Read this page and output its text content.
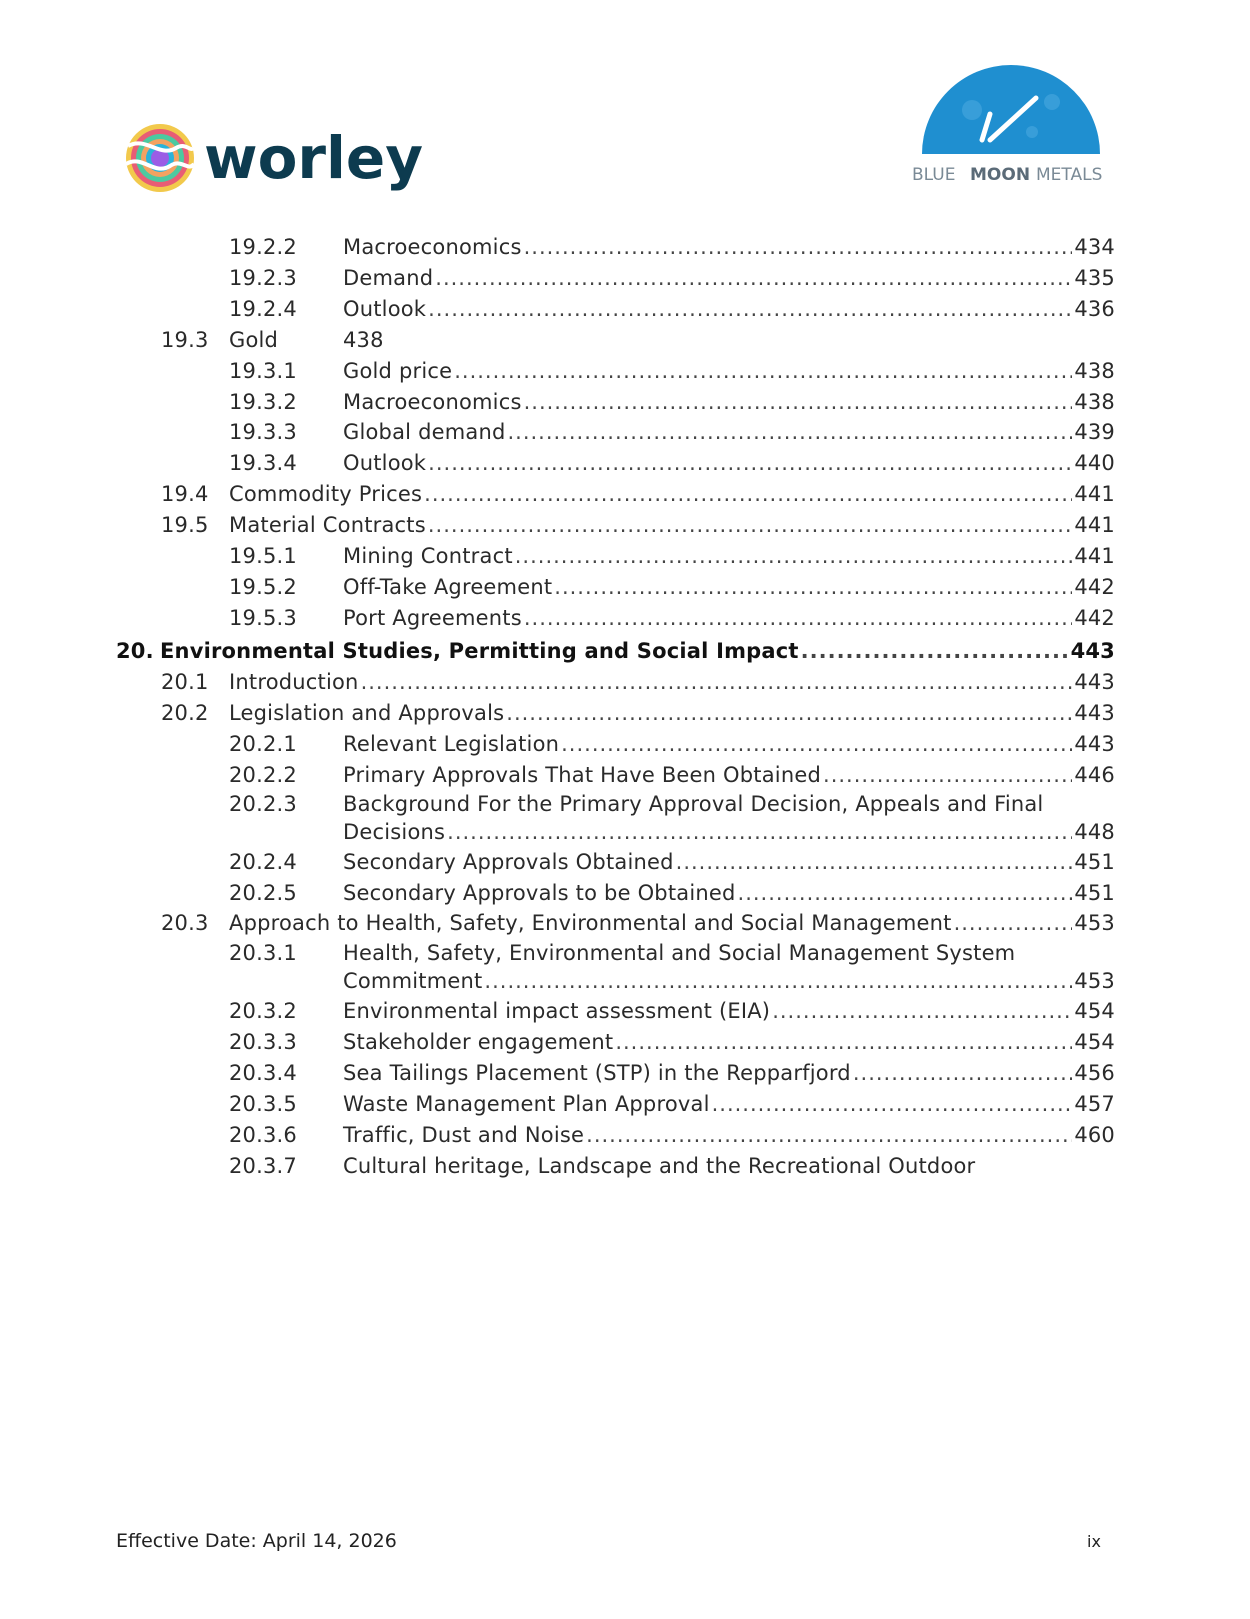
worley	BLUE MOON METALS
19.2.2 Macroeconomics .....	434
19.2.3 Demand .....	435
19.2.4 Outlook .....	436
19.3 Gold	438
19.3.1 Gold price .....	438
19.3.2 Macroeconomics .....	438
19.3.3 Global demand .....	439
19.3.4 Outlook .....	440
19.4 Commodity Prices .....	441
19.5 Material Contracts .....	441
19.5.1 Mining Contract .....	441
19.5.2 Off-Take Agreement .....	442
19.5.3 Port Agreements .....	442
20. Environmental Studies, Permitting and Social Impact .....	443
20.1 Introduction .....	443
20.2 Legislation and Approvals .....	443
20.2.1 Relevant Legislation .....	443
20.2.2 Primary Approvals That Have Been Obtained .....	446
20.2.3 Background For the Primary Approval Decision, Appeals and Final
Decisions .....	448
20.2.4 Secondary Approvals Obtained .....	451
20.2.5 Secondary Approvals to be Obtained .....	451
20.3 Approach to Health, Safety, Environmental and Social Management .....	453
20.3.1 Health, Safety, Environmental and Social Management System
Commitment .....	453
20.3.2 Environmental impact assessment (EIA) .....	454
20.3.3 Stakeholder engagement .....	454
20.3.4 Sea Tailings Placement (STP) in the Repparfjord .....	456
20.3.5 Waste Management Plan Approval .....	457
20.3.6 Traffic, Dust and Noise .....	460
20.3.7 Cultural heritage, Landscape and the Recreational Outdoor
Effective Date: April 14, 2026	ix
